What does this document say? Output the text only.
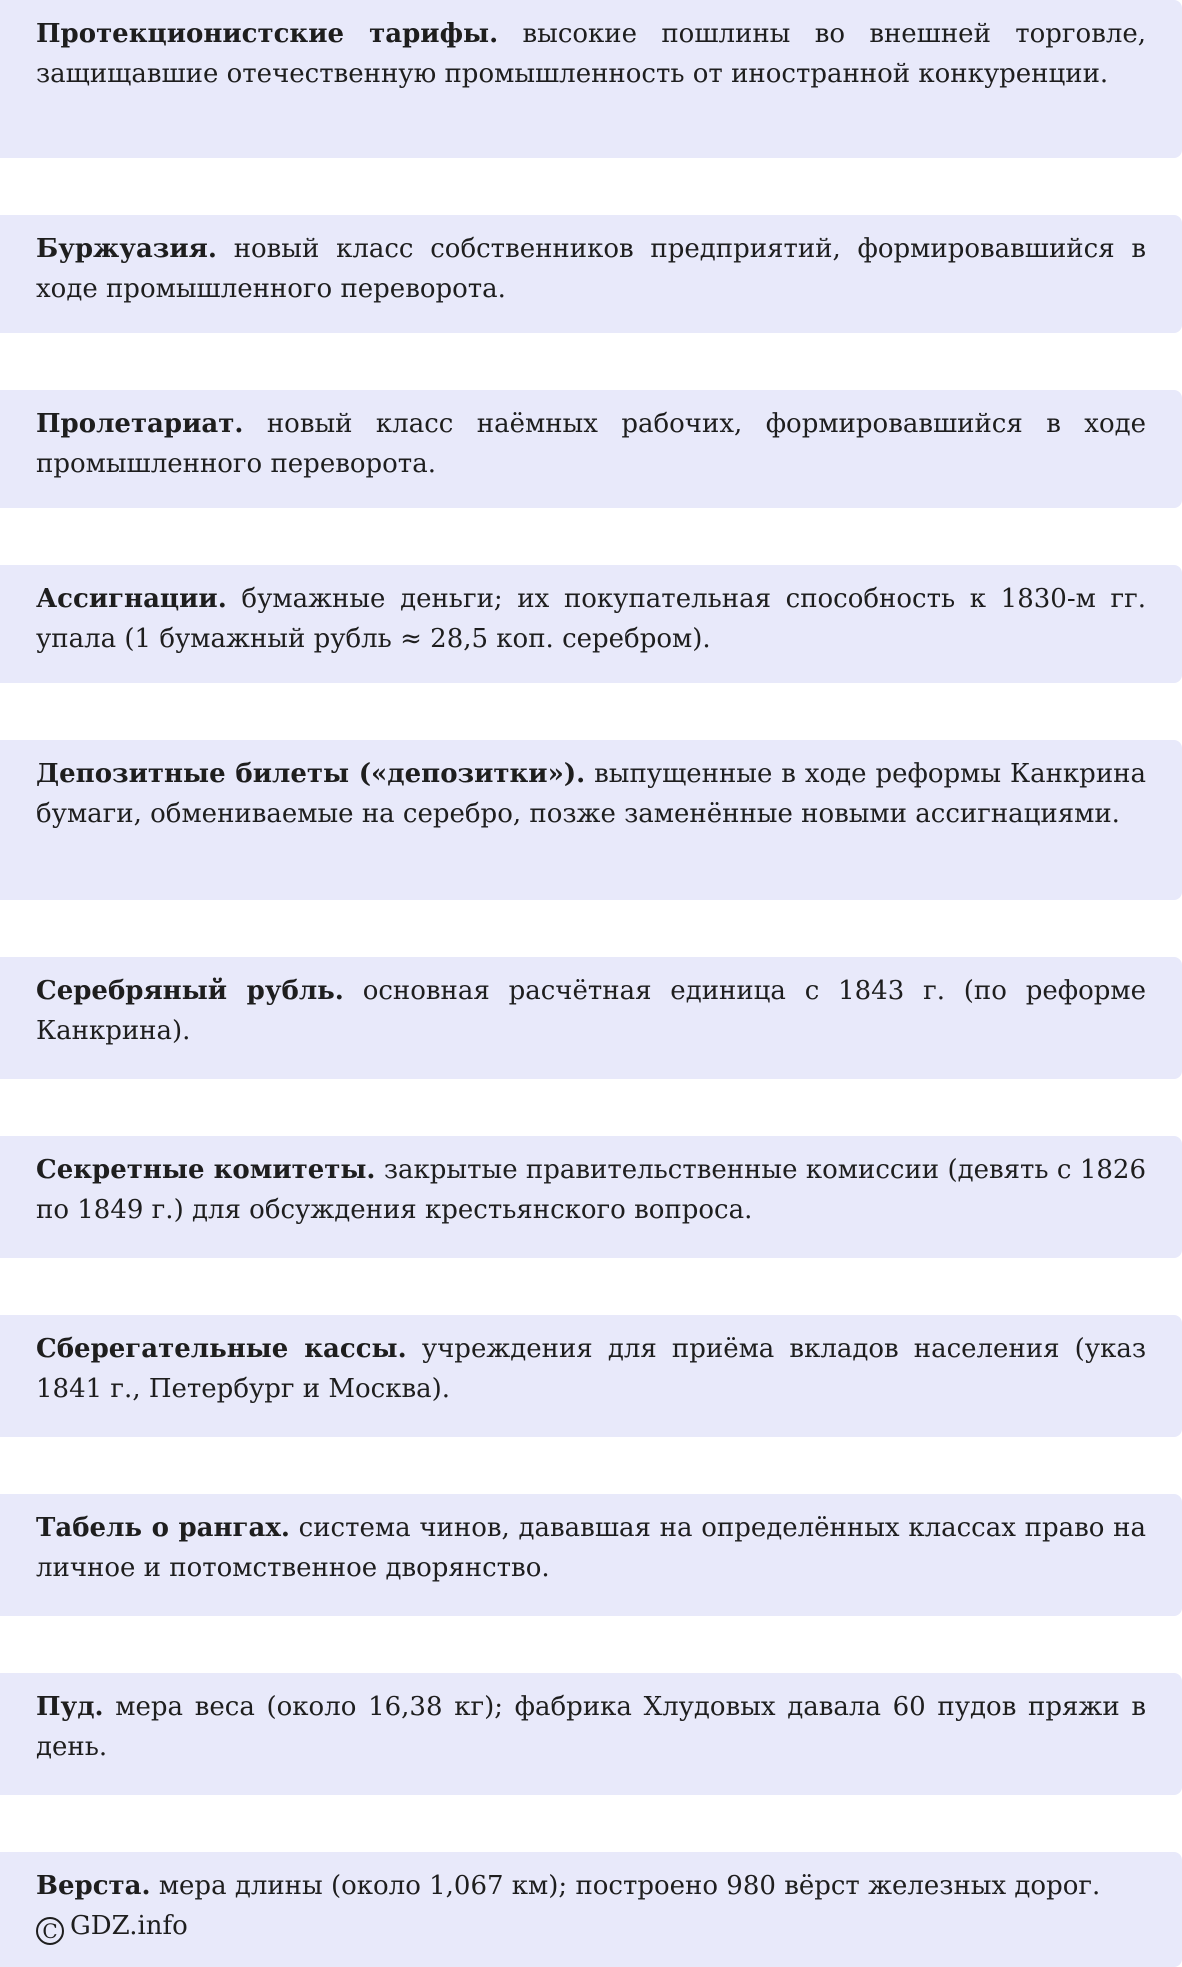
Протекционистские тарифы. высокие пошлины во внешней торговле, защищавшие отечественную промышленность от иностранной конкуренции.

Буржуазия. новый класс собственников предприятий, формировавшийся в ходе промышленного переворота.

Пролетариат. новый класс наёмных рабочих, формировавшийся в ходе промышленного переворота.

Ассигнации. бумажные деньги; их покупательная способность к 1830-м гг. упала (1 бумажный рубль ≈ 28,5 коп. серебром).

Депозитные билеты («депозитки»). выпущенные в ходе реформы Канкрина бумаги, обмениваемые на серебро, позже заменённые новыми ассигнациями.

Серебряный рубль. основная расчётная единица с 1843 г. (по реформе Канкрина).

Секретные комитеты. закрытые правительственные комиссии (девять с 1826 по 1849 г.) для обсуждения крестьянского вопроса.

Сберегательные кассы. учреждения для приёма вкладов населения (указ 1841 г., Петербург и Москва).

Табель о рангах. система чинов, дававшая на определённых классах право на личное и потомственное дворянство.

Пуд. мера веса (около 16,38 кг); фабрика Хлудовых давала 60 пудов пряжи в день.

Верста. мера длины (около 1,067 км); построено 980 вёрст железных дорог.

C GDZ.info
